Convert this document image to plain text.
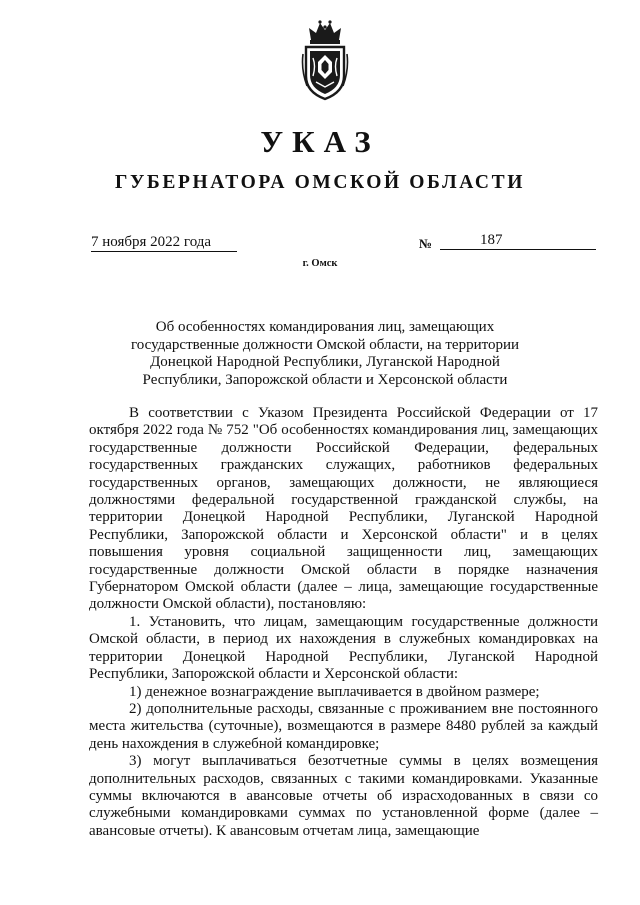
УКАЗ
ГУБЕРНАТОРА ОМСКОЙ ОБЛАСТИ
7 ноября 2022 года	№	187
г. Омск

Об особенностях командирования лиц, замещающих государственные должности Омской области, на территории Донецкой Народной Республики, Луганской Народной Республики, Запорожской области и Херсонской области

В соответствии с Указом Президента Российской Федерации от 17 октября 2022 года № 752 "Об особенностях командирования лиц, замещающих государственные должности Российской Федерации, федеральных государственных гражданских служащих, работников федеральных государственных органов, замещающих должности, не являющиеся должностями федеральной государственной гражданской службы, на территории Донецкой Народной Республики, Луганской Народной Республики, Запорожской области и Херсонской области" и в целях повышения уровня социальной защищенности лиц, замещающих государственные должности Омской области в порядке назначения Губернатором Омской области (далее – лица, замещающие государственные должности Омской области), постановляю:

1. Установить, что лицам, замещающим государственные должности Омской области, в период их нахождения в служебных командировках на территории Донецкой Народной Республики, Луганской Народной Республики, Запорожской области и Херсонской области:

1) денежное вознаграждение выплачивается в двойном размере;

2) дополнительные расходы, связанные с проживанием вне постоянного места жительства (суточные), возмещаются в размере 8480 рублей за каждый день нахождения в служебной командировке;

3) могут выплачиваться безотчетные суммы в целях возмещения дополнительных расходов, связанных с такими командировками. Указанные суммы включаются в авансовые отчеты об израсходованных в связи со служебными командировками суммах по установленной форме (далее – авансовые отчеты). К авансовым отчетам лица, замещающие
